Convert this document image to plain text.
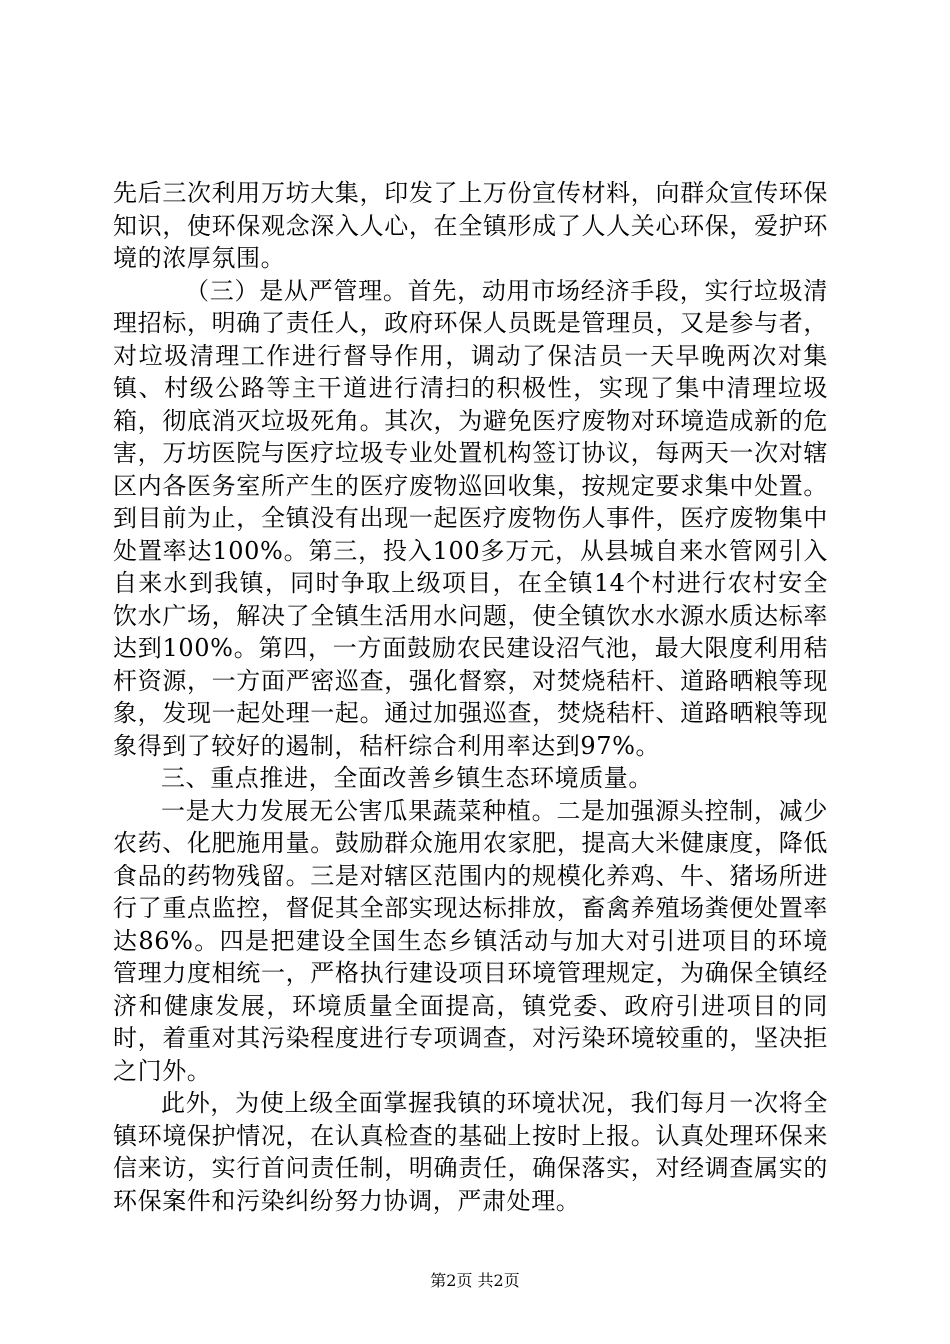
先后三次利用万坊大集，印发了上万份宣传材料，向群众宣传环保知识，使环保观念深入人心，在全镇形成了人人关心环保，爱护环境的浓厚氛围。

（三）是从严管理。首先，动用市场经济手段，实行垃圾清理招标，明确了责任人，政府环保人员既是管理员，又是参与者，对垃圾清理工作进行督导作用，调动了保洁员一天早晚两次对集镇、村级公路等主干道进行清扫的积极性，实现了集中清理垃圾箱，彻底消灭垃圾死角。其次，为避免医疗废物对环境造成新的危害，万坊医院与医疗垃圾专业处置机构签订协议，每两天一次对辖区内各医务室所产生的医疗废物巡回收集，按规定要求集中处置。到目前为止，全镇没有出现一起医疗废物伤人事件，医疗废物集中处置率达100%。第三，投入100多万元，从县城自来水管网引入自来水到我镇，同时争取上级项目，在全镇14个村进行农村安全饮水广场，解决了全镇生活用水问题，使全镇饮水水源水质达标率达到100%。第四，一方面鼓励农民建设沼气池，最大限度利用秸杆资源，一方面严密巡查，强化督察，对焚烧秸杆、道路晒粮等现象，发现一起处理一起。通过加强巡查，焚烧秸杆、道路晒粮等现象得到了较好的遏制，秸杆综合利用率达到97%。

三、重点推进，全面改善乡镇生态环境质量。

一是大力发展无公害瓜果蔬菜种植。二是加强源头控制，减少农药、化肥施用量。鼓励群众施用农家肥，提高大米健康度，降低食品的药物残留。三是对辖区范围内的规模化养鸡、牛、猪场所进行了重点监控，督促其全部实现达标排放，畜禽养殖场粪便处置率达86%。四是把建设全国生态乡镇活动与加大对引进项目的环境管理力度相统一，严格执行建设项目环境管理规定，为确保全镇经济和健康发展，环境质量全面提高，镇党委、政府引进项目的同时，着重对其污染程度进行专项调查，对污染环境较重的，坚决拒之门外。

此外，为使上级全面掌握我镇的环境状况，我们每月一次将全镇环境保护情况，在认真检查的基础上按时上报。认真处理环保来信来访，实行首问责任制，明确责任，确保落实，对经调查属实的环保案件和污染纠纷努力协调，严肃处理。

第2页 共2页
